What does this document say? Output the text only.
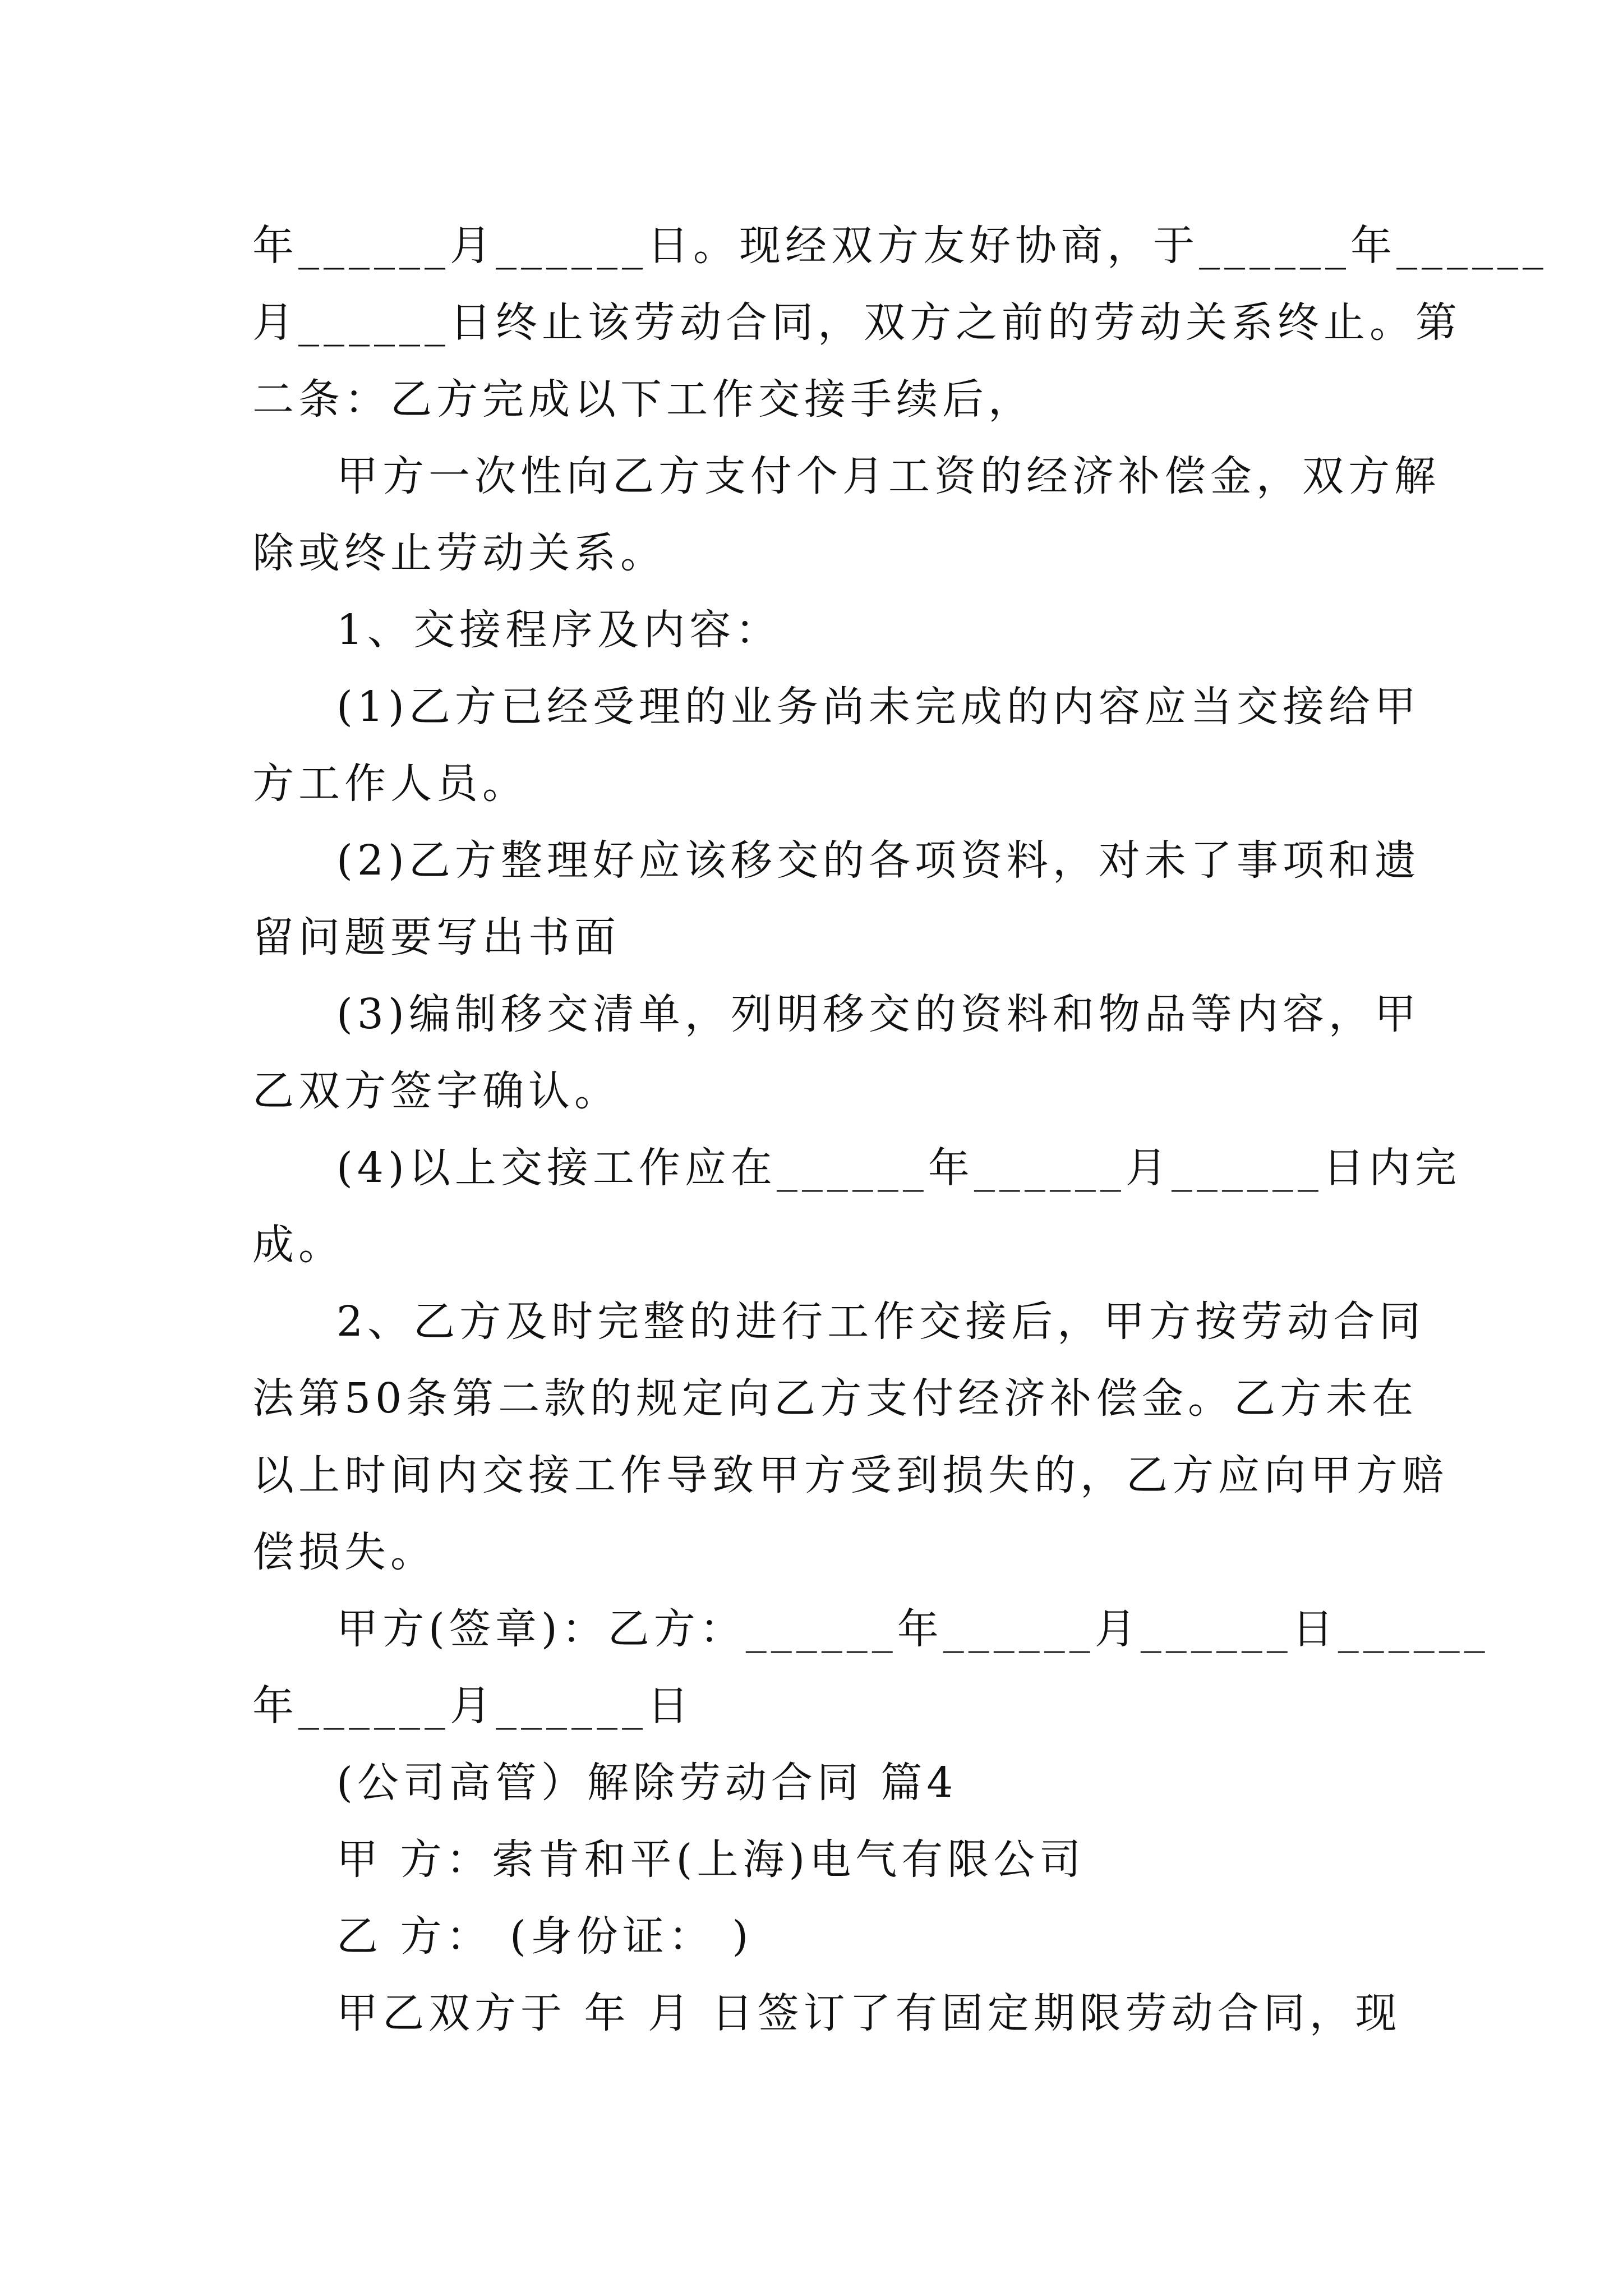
年______月______日。现经双方友好协商，于______年______
月______日终止该劳动合同，双方之前的劳动关系终止。第
二条：乙方完成以下工作交接手续后，
甲方一次性向乙方支付个月工资的经济补偿金，双方解
除或终止劳动关系。
1、交接程序及内容：
(1)乙方已经受理的业务尚未完成的内容应当交接给甲
方工作人员。
(2)乙方整理好应该移交的各项资料，对未了事项和遗
留问题要写出书面
(3)编制移交清单，列明移交的资料和物品等内容，甲
乙双方签字确认。
(4)以上交接工作应在______年______月______日内完
成。
2、乙方及时完整的进行工作交接后，甲方按劳动合同
法第50条第二款的规定向乙方支付经济补偿金。乙方未在
以上时间内交接工作导致甲方受到损失的，乙方应向甲方赔
偿损失。
甲方(签章)：乙方：______年______月______日______
年______月______日
(公司高管）解除劳动合同 篇4
甲 方：索肯和平(上海)电气有限公司
乙 方： (身份证： )
甲乙双方于 年 月 日签订了有固定期限劳动合同，现
